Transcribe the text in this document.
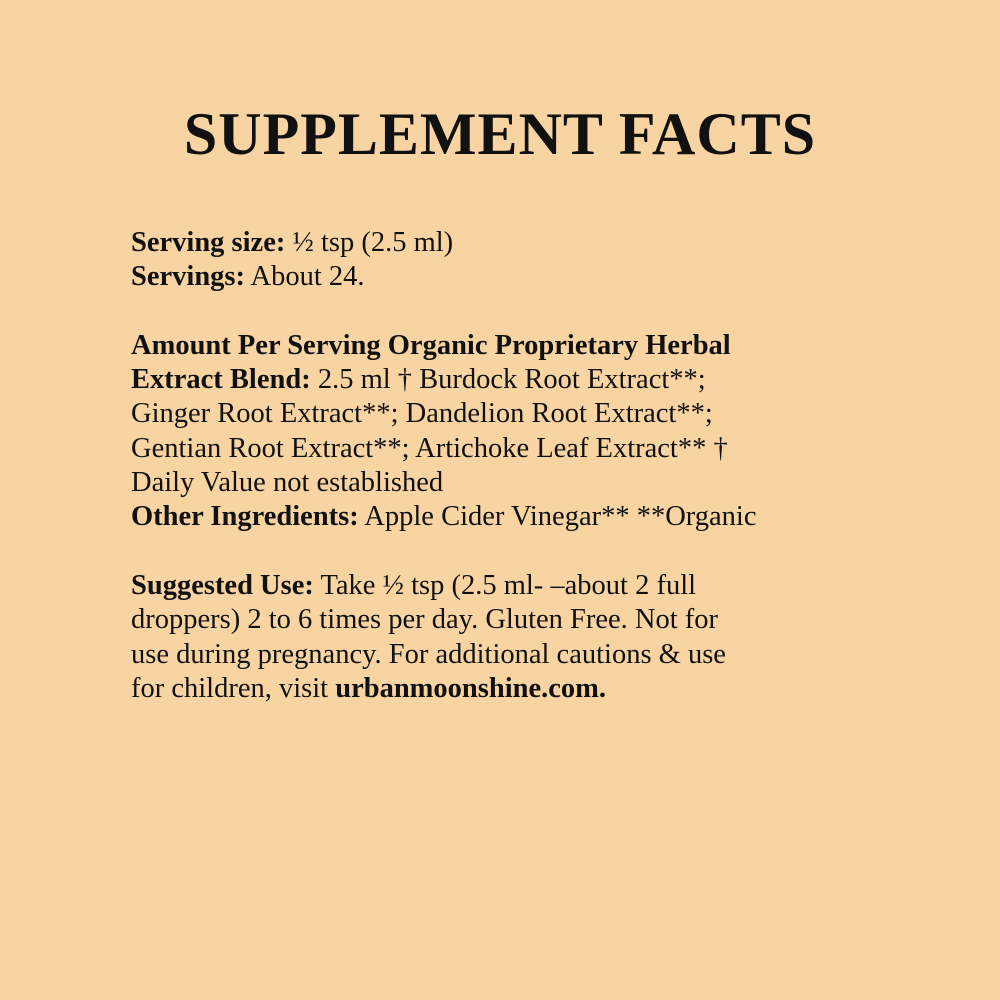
SUPPLEMENT FACTS
Serving size: ½ tsp (2.5 ml)
Servings: About 24.
Amount Per Serving Organic Proprietary Herbal
Extract Blend: 2.5 ml † Burdock Root Extract**;
Ginger Root Extract**; Dandelion Root Extract**;
Gentian Root Extract**; Artichoke Leaf Extract** †
Daily Value not established
Other Ingredients: Apple Cider Vinegar** **Organic
Suggested Use: Take ½ tsp (2.5 ml- –about 2 full
droppers) 2 to 6 times per day. Gluten Free. Not for
use during pregnancy. For additional cautions & use
for children, visit urbanmoonshine.com.
